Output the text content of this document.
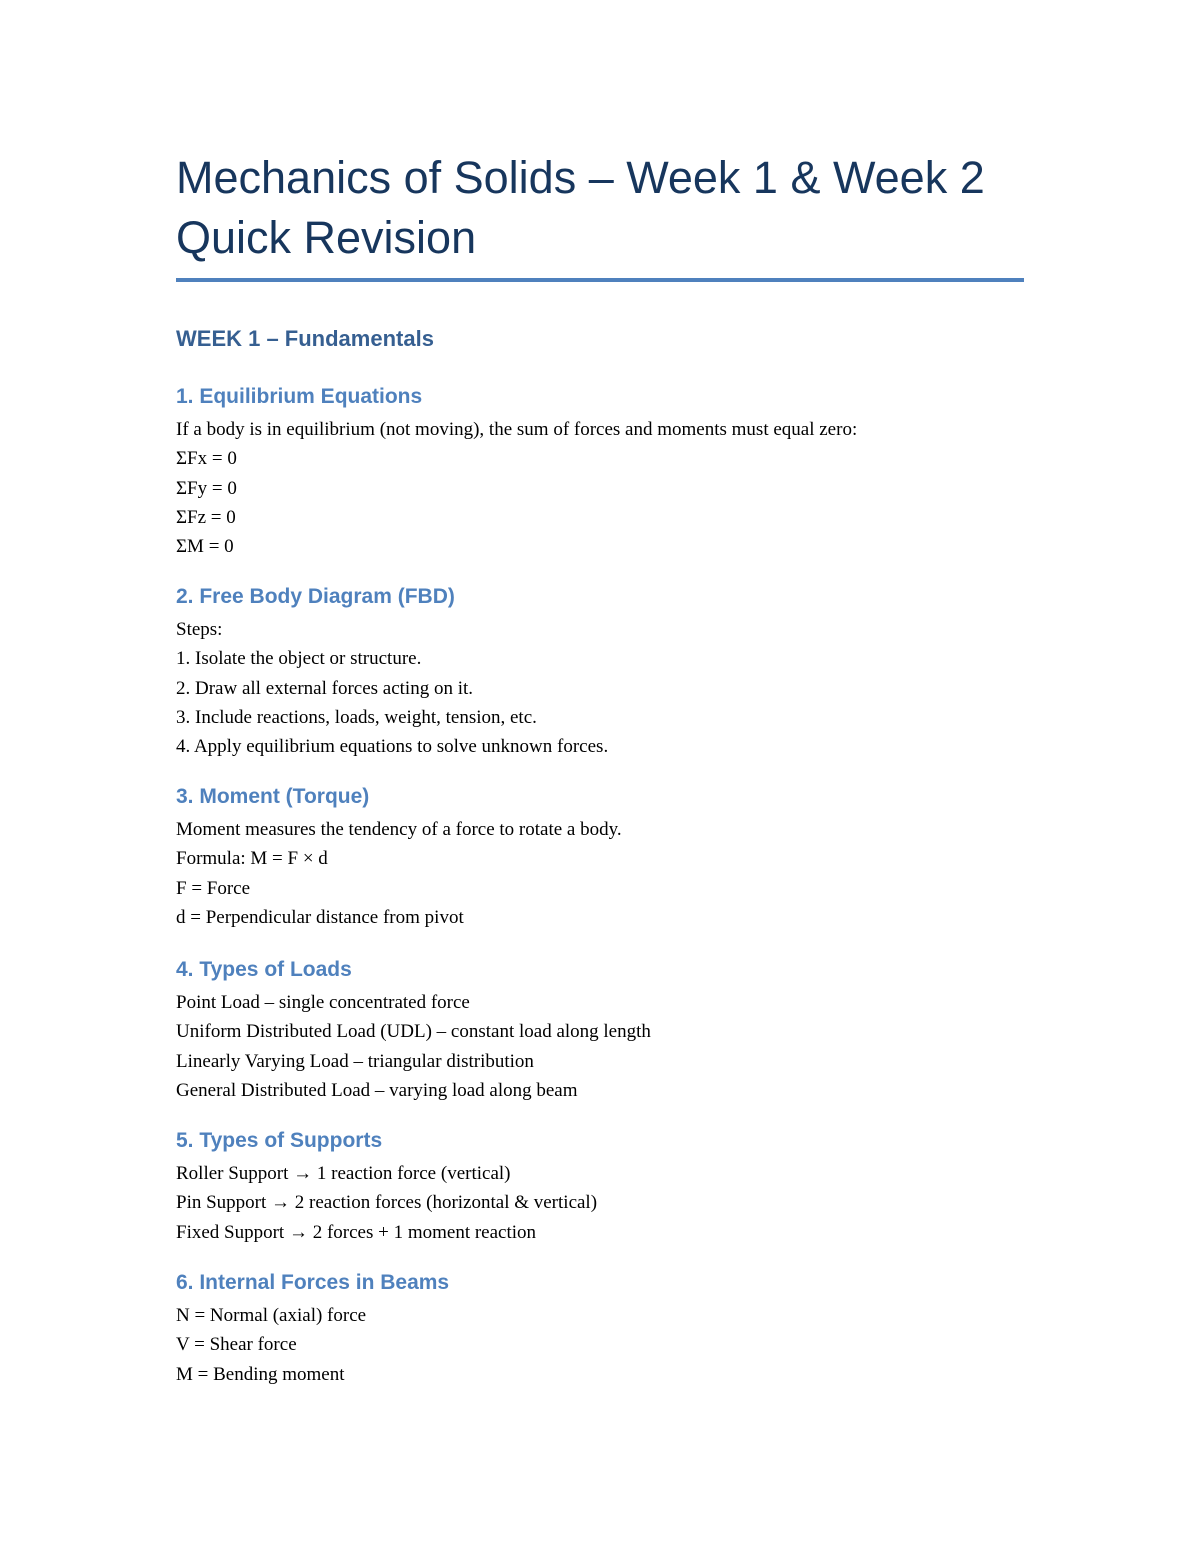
Mechanics of Solids – Week 1 & Week 2
Quick Revision
WEEK 1 – Fundamentals
1. Equilibrium Equations

If a body is in equilibrium (not moving), the sum of forces and moments must equal zero:

ΣFx = 0

ΣFy = 0

ΣFz = 0

ΣM = 0

2. Free Body Diagram (FBD)

Steps:

1. Isolate the object or structure.

2. Draw all external forces acting on it.

3. Include reactions, loads, weight, tension, etc.

4. Apply equilibrium equations to solve unknown forces.

3. Moment (Torque)

Moment measures the tendency of a force to rotate a body.

Formula: M = F × d

F = Force

d = Perpendicular distance from pivot

4. Types of Loads

Point Load – single concentrated force

Uniform Distributed Load (UDL) – constant load along length

Linearly Varying Load – triangular distribution

General Distributed Load – varying load along beam

5. Types of Supports

Roller Support → 1 reaction force (vertical)

Pin Support → 2 reaction forces (horizontal & vertical)

Fixed Support → 2 forces + 1 moment reaction

6. Internal Forces in Beams

N = Normal (axial) force

V = Shear force

M = Bending moment
